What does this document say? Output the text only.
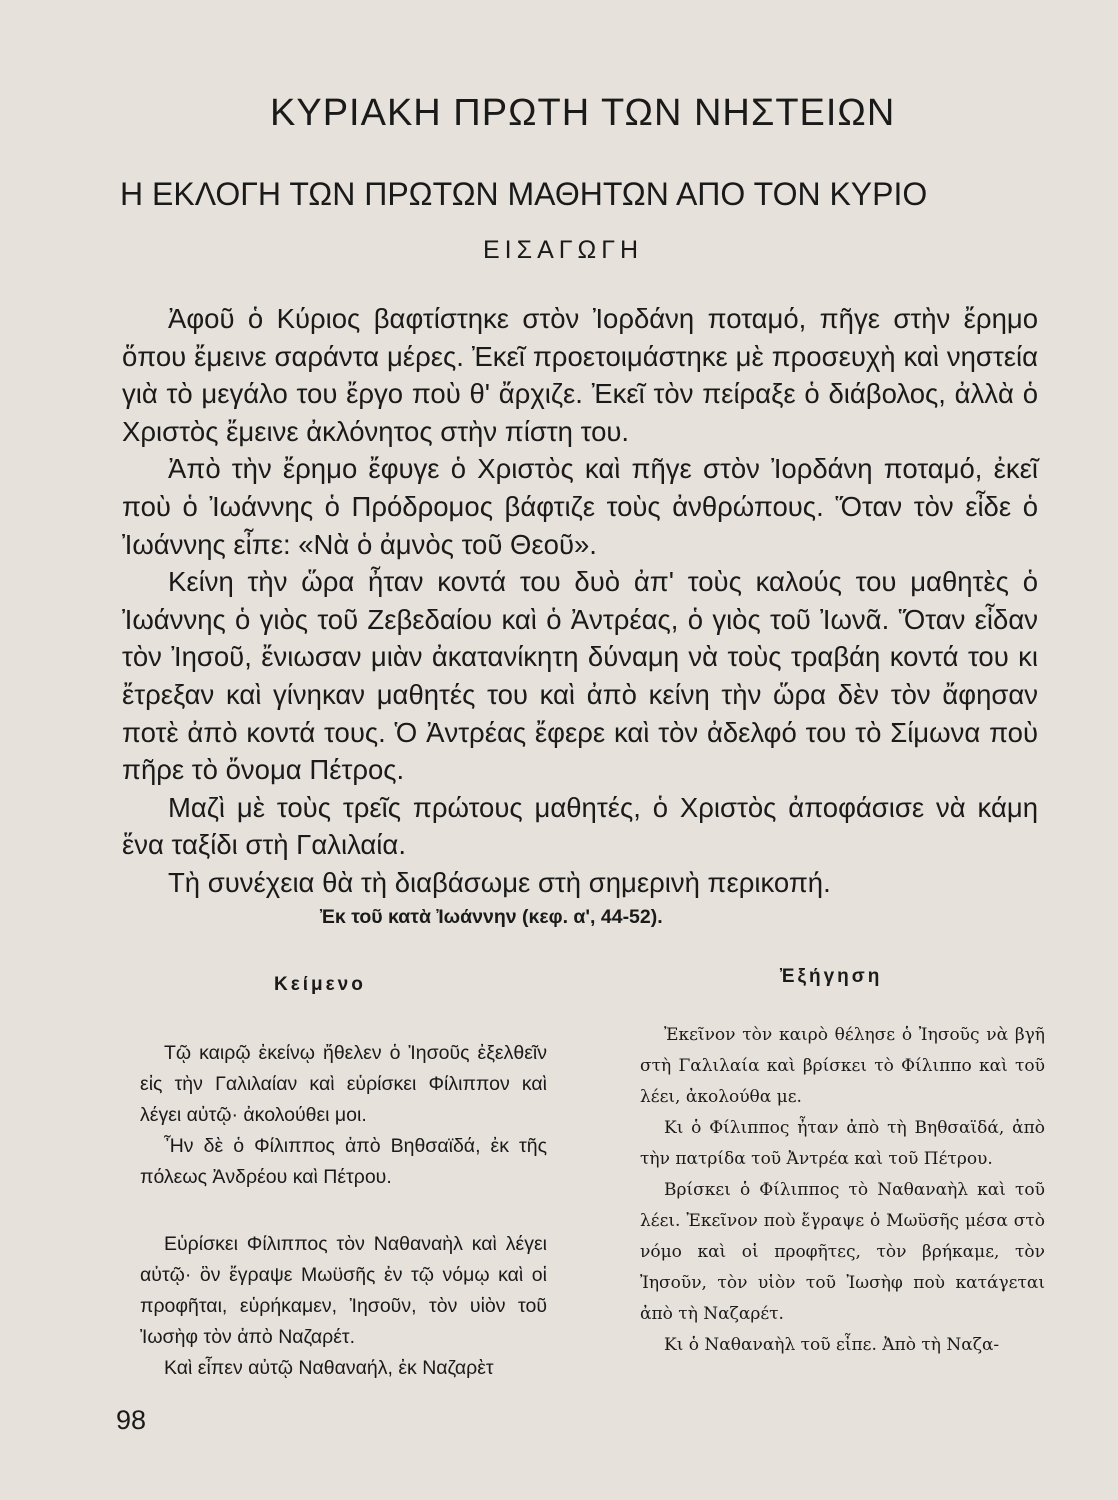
ΚΥΡΙΑΚΗ ΠΡΩΤΗ ΤΩΝ ΝΗΣΤΕΙΩΝ
Η ΕΚΛΟΓΗ ΤΩΝ ΠΡΩΤΩΝ ΜΑΘΗΤΩΝ ΑΠΟ ΤΟΝ ΚΥΡΙΟ
ΕΙΣΑΓΩΓΗ

Ἀφοῦ ὁ Κύριος βαφτίστηκε στὸν Ἰορδάνη ποταμό, πῆγε στὴν ἔρημο ὅπου ἔμεινε σαράντα μέρες. Ἐκεῖ προετοιμάστηκε μὲ προσευχὴ καὶ νηστεία γιὰ τὸ μεγάλο του ἔργο ποὺ θ' ἄρχιζε. Ἐκεῖ τὸν πείραξε ὁ διάβολος, ἀλλὰ ὁ Χριστὸς ἔμεινε ἀκλόνητος στὴν πίστη του.

Ἀπὸ τὴν ἔρημο ἔφυγε ὁ Χριστὸς καὶ πῆγε στὸν Ἰορδάνη ποταμό, ἐκεῖ ποὺ ὁ Ἰωάννης ὁ Πρόδρομος βάφτιζε τοὺς ἀνθρώπους. Ὅταν τὸν εἶδε ὁ Ἰωάννης εἶπε: «Νὰ ὁ ἀμνὸς τοῦ Θεοῦ».

Κείνη τὴν ὥρα ἦταν κοντά του δυὸ ἀπ' τοὺς καλούς του μαθητὲς ὁ Ἰωάννης ὁ γιὸς τοῦ Ζεβεδαίου καὶ ὁ Ἀντρέας, ὁ γιὸς τοῦ Ἰωνᾶ. Ὅταν εἶδαν τὸν Ἰησοῦ, ἔνιωσαν μιὰν ἀκατανίκητη δύναμη νὰ τοὺς τραβάη κοντά του κι ἔτρεξαν καὶ γίνηκαν μαθητές του καὶ ἀπὸ κείνη τὴν ὥρα δὲν τὸν ἄφησαν ποτὲ ἀπὸ κοντά τους. Ὁ Ἀντρέας ἔφερε καὶ τὸν ἀδελφό του τὸ Σίμωνα ποὺ πῆρε τὸ ὄνομα Πέτρος.

Μαζὶ μὲ τοὺς τρεῖς πρώτους μαθητές, ὁ Χριστὸς ἀποφάσισε νὰ κάμη ἕνα ταξίδι στὴ Γαλιλαία.

Τὴ συνέχεια θὰ τὴ διαβάσωμε στὴ σημερινὴ περικοπή.

Ἐκ τοῦ κατὰ Ἰωάννην (κεφ. α', 44-52).
Κείμενο	Ἐξήγηση

Τῷ καιρῷ ἐκείνῳ ἤθελεν ὁ Ἰησοῦς ἐξελθεῖν εἰς τὴν Γαλιλαίαν καὶ εὑρίσκει Φίλιππον καὶ λέγει αὐτῷ· ἀκολούθει μοι.

Ἦν δὲ ὁ Φίλιππος ἀπὸ Βηθσαϊδά, ἐκ τῆς πόλεως Ἀνδρέου καὶ Πέτρου.

Εὑρίσκει Φίλιππος τὸν Ναθαναὴλ καὶ λέγει αὐτῷ· ὃν ἔγραψε Μωϋσῆς ἐν τῷ νόμῳ καὶ οἱ προφῆται, εὑρήκαμεν, Ἰησοῦν, τὸν υἱὸν τοῦ Ἰωσὴφ τὸν ἀπὸ Ναζαρέτ.

Καὶ εἶπεν αὐτῷ Ναθαναήλ, ἐκ Ναζαρὲτ

Ἐκεῖνον τὸν καιρὸ θέλησε ὁ Ἰησοῦς νὰ βγῆ στὴ Γαλιλαία καὶ βρίσκει τὸ Φίλιππο καὶ τοῦ λέει, ἀκολούθα με.

Κι ὁ Φίλιππος ἦταν ἀπὸ τὴ Βηθσαϊδά, ἀπὸ τὴν πατρίδα τοῦ Ἀντρέα καὶ τοῦ Πέτρου.

Βρίσκει ὁ Φίλιππος τὸ Ναθαναὴλ καὶ τοῦ λέει. Ἐκεῖνον ποὺ ἔγραψε ὁ Μωϋσῆς μέσα στὸ νόμο καὶ οἱ προφῆτες, τὸν βρήκαμε, τὸν Ἰησοῦν, τὸν υἱὸν τοῦ Ἰωσὴφ ποὺ κατάγεται ἀπὸ τὴ Ναζαρέτ.

Κι ὁ Ναθαναὴλ τοῦ εἶπε. Ἀπὸ τὴ Ναζα-

98
